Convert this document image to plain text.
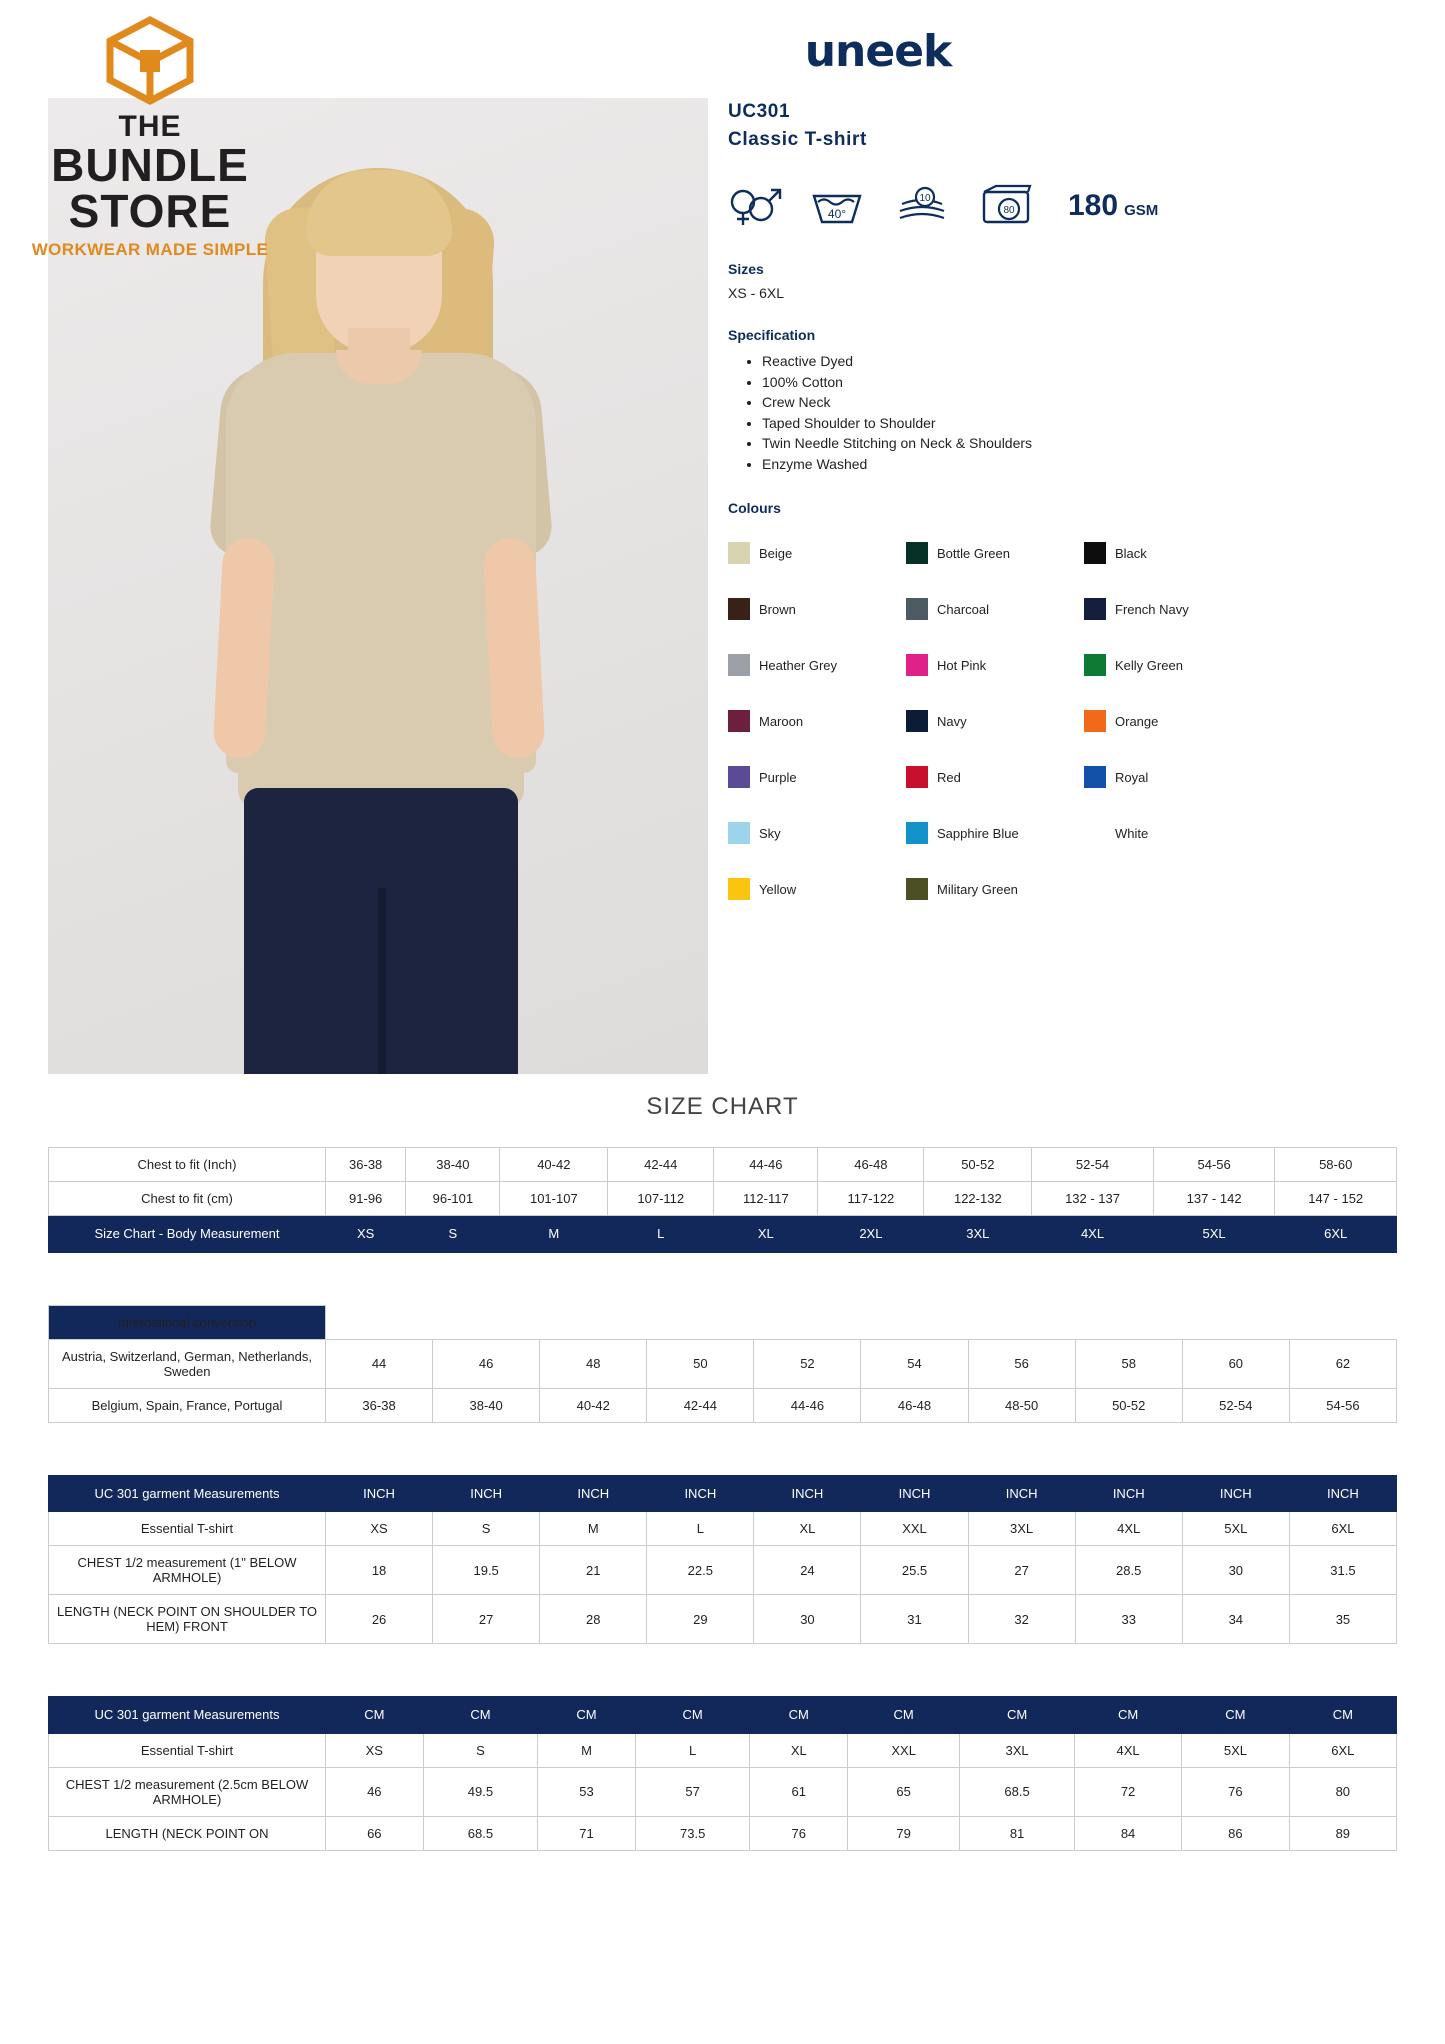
THE
BUNDLE
STORE
WORKWEAR MADE SIMPLE
uneek
UC301
Classic T-shirt
40°
10
80 180 GSM
Sizes
XS - 6XL
Specification
• Reactive Dyed
• 100% Cotton
• Crew Neck
• Taped Shoulder to Shoulder
• Twin Needle Stitching on Neck & Shoulders
• Enzyme Washed
Colours
Beige	Bottle Green	Black
Brown	Charcoal	French Navy
Heather Grey	Hot Pink	Kelly Green
Maroon	Navy	Orange
Purple	Red	Royal
Sky	Sapphire Blue	White
Yellow	Military Green
SIZE CHART
Chest to fit (Inch)	36-38	38-40	40-42	42-44	44-46	46-48	50-52	52-54	54-56	58-60
Chest to fit (cm)	91-96	96-101	101-107	107-112	112-117	117-122	122-132	132 - 137	137 - 142	147 - 152
Size Chart - Body Measurement	XS	S	M	L	XL	2XL	3XL	4XL	5XL	6XL
International conversion										
Austria, Switzerland, German, Netherlands, Sweden	44	46	48	50	52	54	56	58	60	62
Belgium, Spain, France, Portugal	36-38	38-40	40-42	42-44	44-46	46-48	48-50	50-52	52-54	54-56
UC 301 garment Measurements	INCH	INCH	INCH	INCH	INCH	INCH	INCH	INCH	INCH	INCH
Essential T-shirt	XS	S	M	L	XL	XXL	3XL	4XL	5XL	6XL
CHEST 1/2 measurement (1" BELOW ARMHOLE)	18	19.5	21	22.5	24	25.5	27	28.5	30	31.5
LENGTH (NECK POINT ON SHOULDER TO HEM) FRONT	26	27	28	29	30	31	32	33	34	35
UC 301 garment Measurements	CM	CM	CM	CM	CM	CM	CM	CM	CM	CM
Essential T-shirt	XS	S	M	L	XL	XXL	3XL	4XL	5XL	6XL
CHEST 1/2 measurement (2.5cm BELOW ARMHOLE)	46	49.5	53	57	61	65	68.5	72	76	80
LENGTH (NECK POINT ON	66	68.5	71	73.5	76	79	81	84	86	89
